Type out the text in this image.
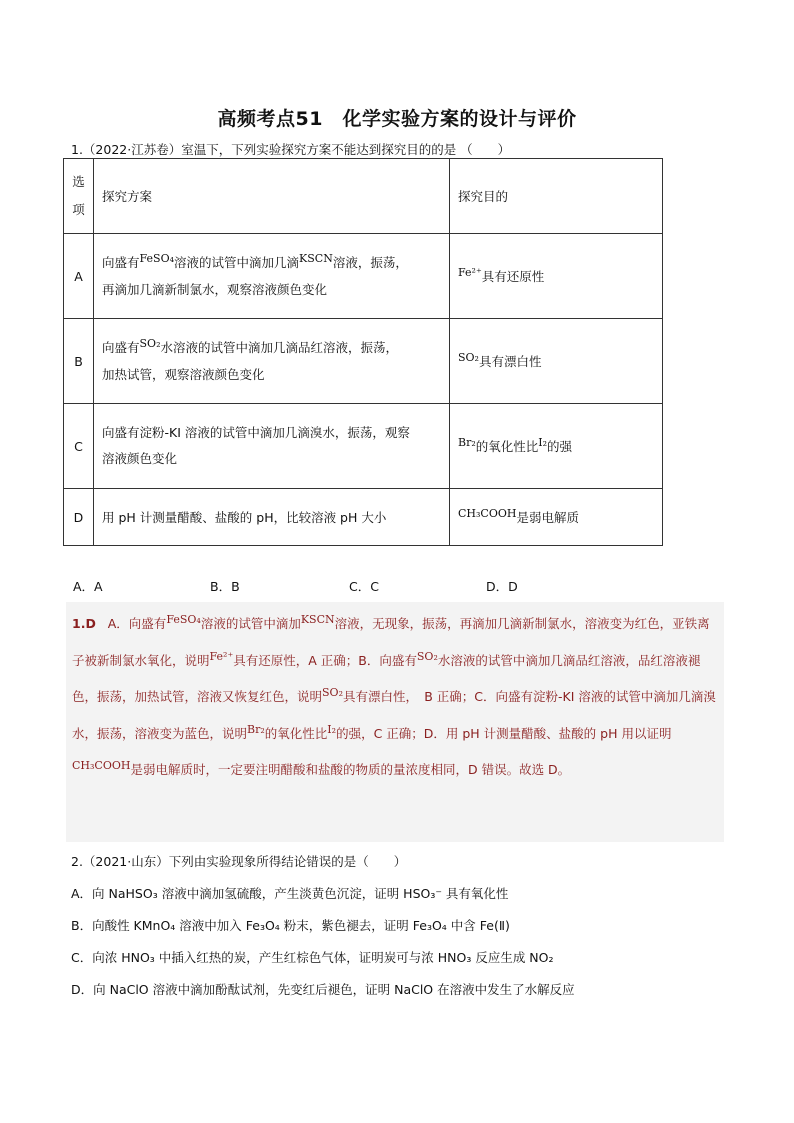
高频考点51　化学实验方案的设计与评价
1.（2022·江苏卷）室温下，下列实验探究方案不能达到探究目的的是 （　　）
选项	探究方案	探究目的
A	向盛有FeSO₄溶液的试管中滴加几滴KSCN溶液，振荡，
再滴加几滴新制氯水，观察溶液颜色变化	Fe²⁺具有还原性
B	向盛有SO₂水溶液的试管中滴加几滴品红溶液，振荡，
加热试管，观察溶液颜色变化	SO₂具有漂白性
C	向盛有淀粉-KI 溶液的试管中滴加几滴溴水，振荡，观察
溶液颜色变化	Br₂的氧化性比I₂的强
D	用 pH 计测量醋酸、盐酸的 pH，比较溶液 pH 大小	CH₃COOH是弱电解质
A．A	B．B	C．C	D．D

1.D A．向盛有FeSO₄溶液的试管中滴加KSCN溶液，无现象，振荡，再滴加几滴新制氯水，溶液变为红色，亚铁离子被新制氯水氧化，说明Fe²⁺具有还原性，A 正确；B．向盛有SO₂水溶液的试管中滴加几滴品红溶液，品红溶液褪色，振荡，加热试管，溶液又恢复红色，说明SO₂具有漂白性，　B 正确；C．向盛有淀粉-KI 溶液的试管中滴加几滴溴水，振荡，溶液变为蓝色，说明Br₂的氧化性比I₂的强，C 正确；D．用 pH 计测量醋酸、盐酸的 pH 用以证明CH₃COOH是弱电解质时，一定要注明醋酸和盐酸的物质的量浓度相同，D 错误。故选 D。

2.（2021·山东）下列由实验现象所得结论错误的是（　　）
A．向 NaHSO₃ 溶液中滴加氢硫酸，产生淡黄色沉淀，证明 HSO₃⁻ 具有氧化性
B．向酸性 KMnO₄ 溶液中加入 Fe₃O₄ 粉末，紫色褪去，证明 Fe₃O₄ 中含 Fe(Ⅱ)
C．向浓 HNO₃ 中插入红热的炭，产生红棕色气体，证明炭可与浓 HNO₃ 反应生成 NO₂
D．向 NaClO 溶液中滴加酚酞试剂，先变红后褪色，证明 NaClO 在溶液中发生了水解反应
